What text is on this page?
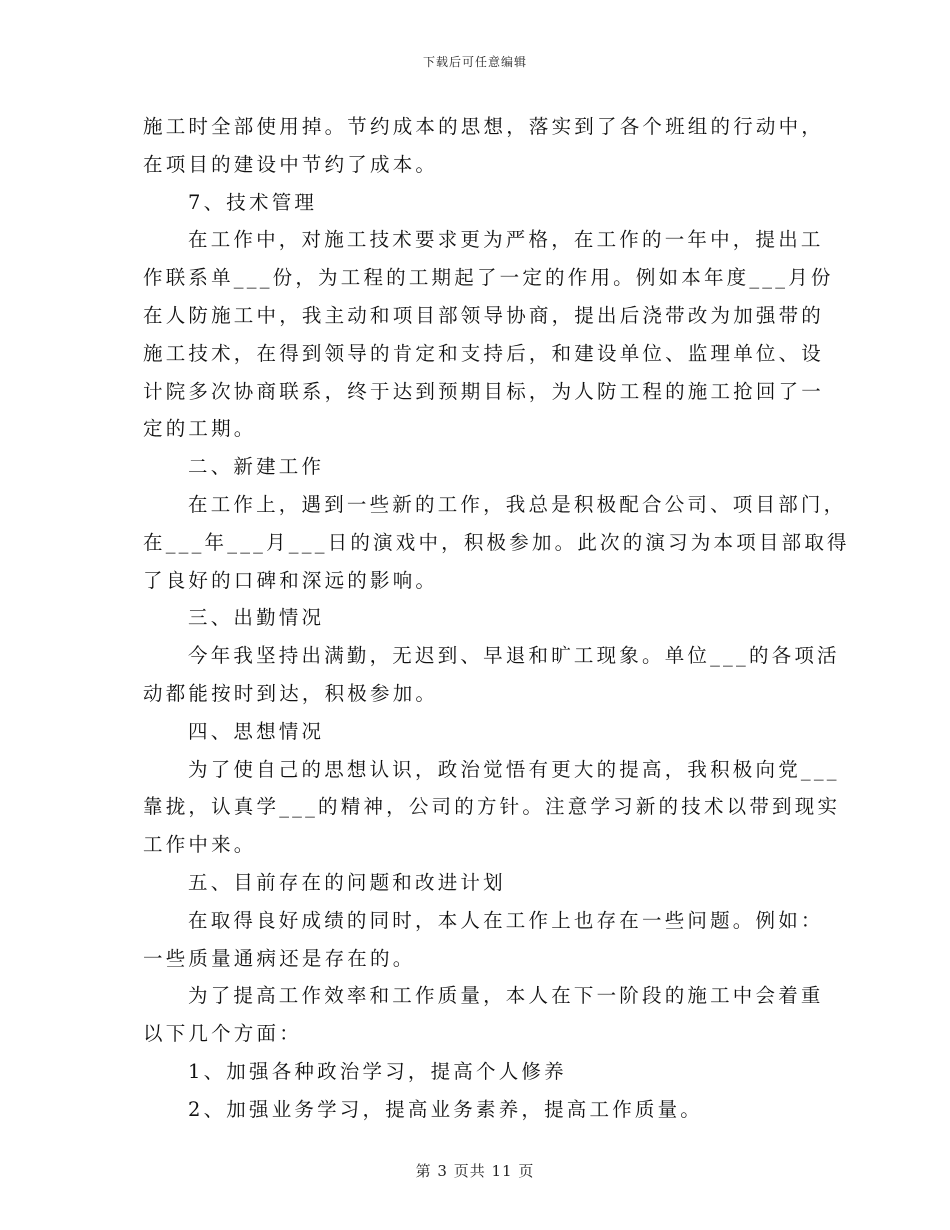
下载后可任意编辑
施工时全部使用掉。节约成本的思想，落实到了各个班组的行动中，
在项目的建设中节约了成本。
7、技术管理
在工作中，对施工技术要求更为严格，在工作的一年中，提出工
作联系单___份，为工程的工期起了一定的作用。例如本年度___月份
在人防施工中，我主动和项目部领导协商，提出后浇带改为加强带的
施工技术，在得到领导的肯定和支持后，和建设单位、监理单位、设
计院多次协商联系，终于达到预期目标，为人防工程的施工抢回了一
定的工期。
二、新建工作
在工作上，遇到一些新的工作，我总是积极配合公司、项目部门，
在___年___月___日的演戏中，积极参加。此次的演习为本项目部取得
了良好的口碑和深远的影响。
三、出勤情况
今年我坚持出满勤，无迟到、早退和旷工现象。单位___的各项活
动都能按时到达，积极参加。
四、思想情况
为了使自己的思想认识，政治觉悟有更大的提高，我积极向党___
靠拢，认真学___的精神，公司的方针。注意学习新的技术以带到现实
工作中来。
五、目前存在的问题和改进计划
在取得良好成绩的同时，本人在工作上也存在一些问题。例如：
一些质量通病还是存在的。
为了提高工作效率和工作质量，本人在下一阶段的施工中会着重
以下几个方面：
1、加强各种政治学习，提高个人修养
2、加强业务学习，提高业务素养，提高工作质量。
第 3 页共 11 页
